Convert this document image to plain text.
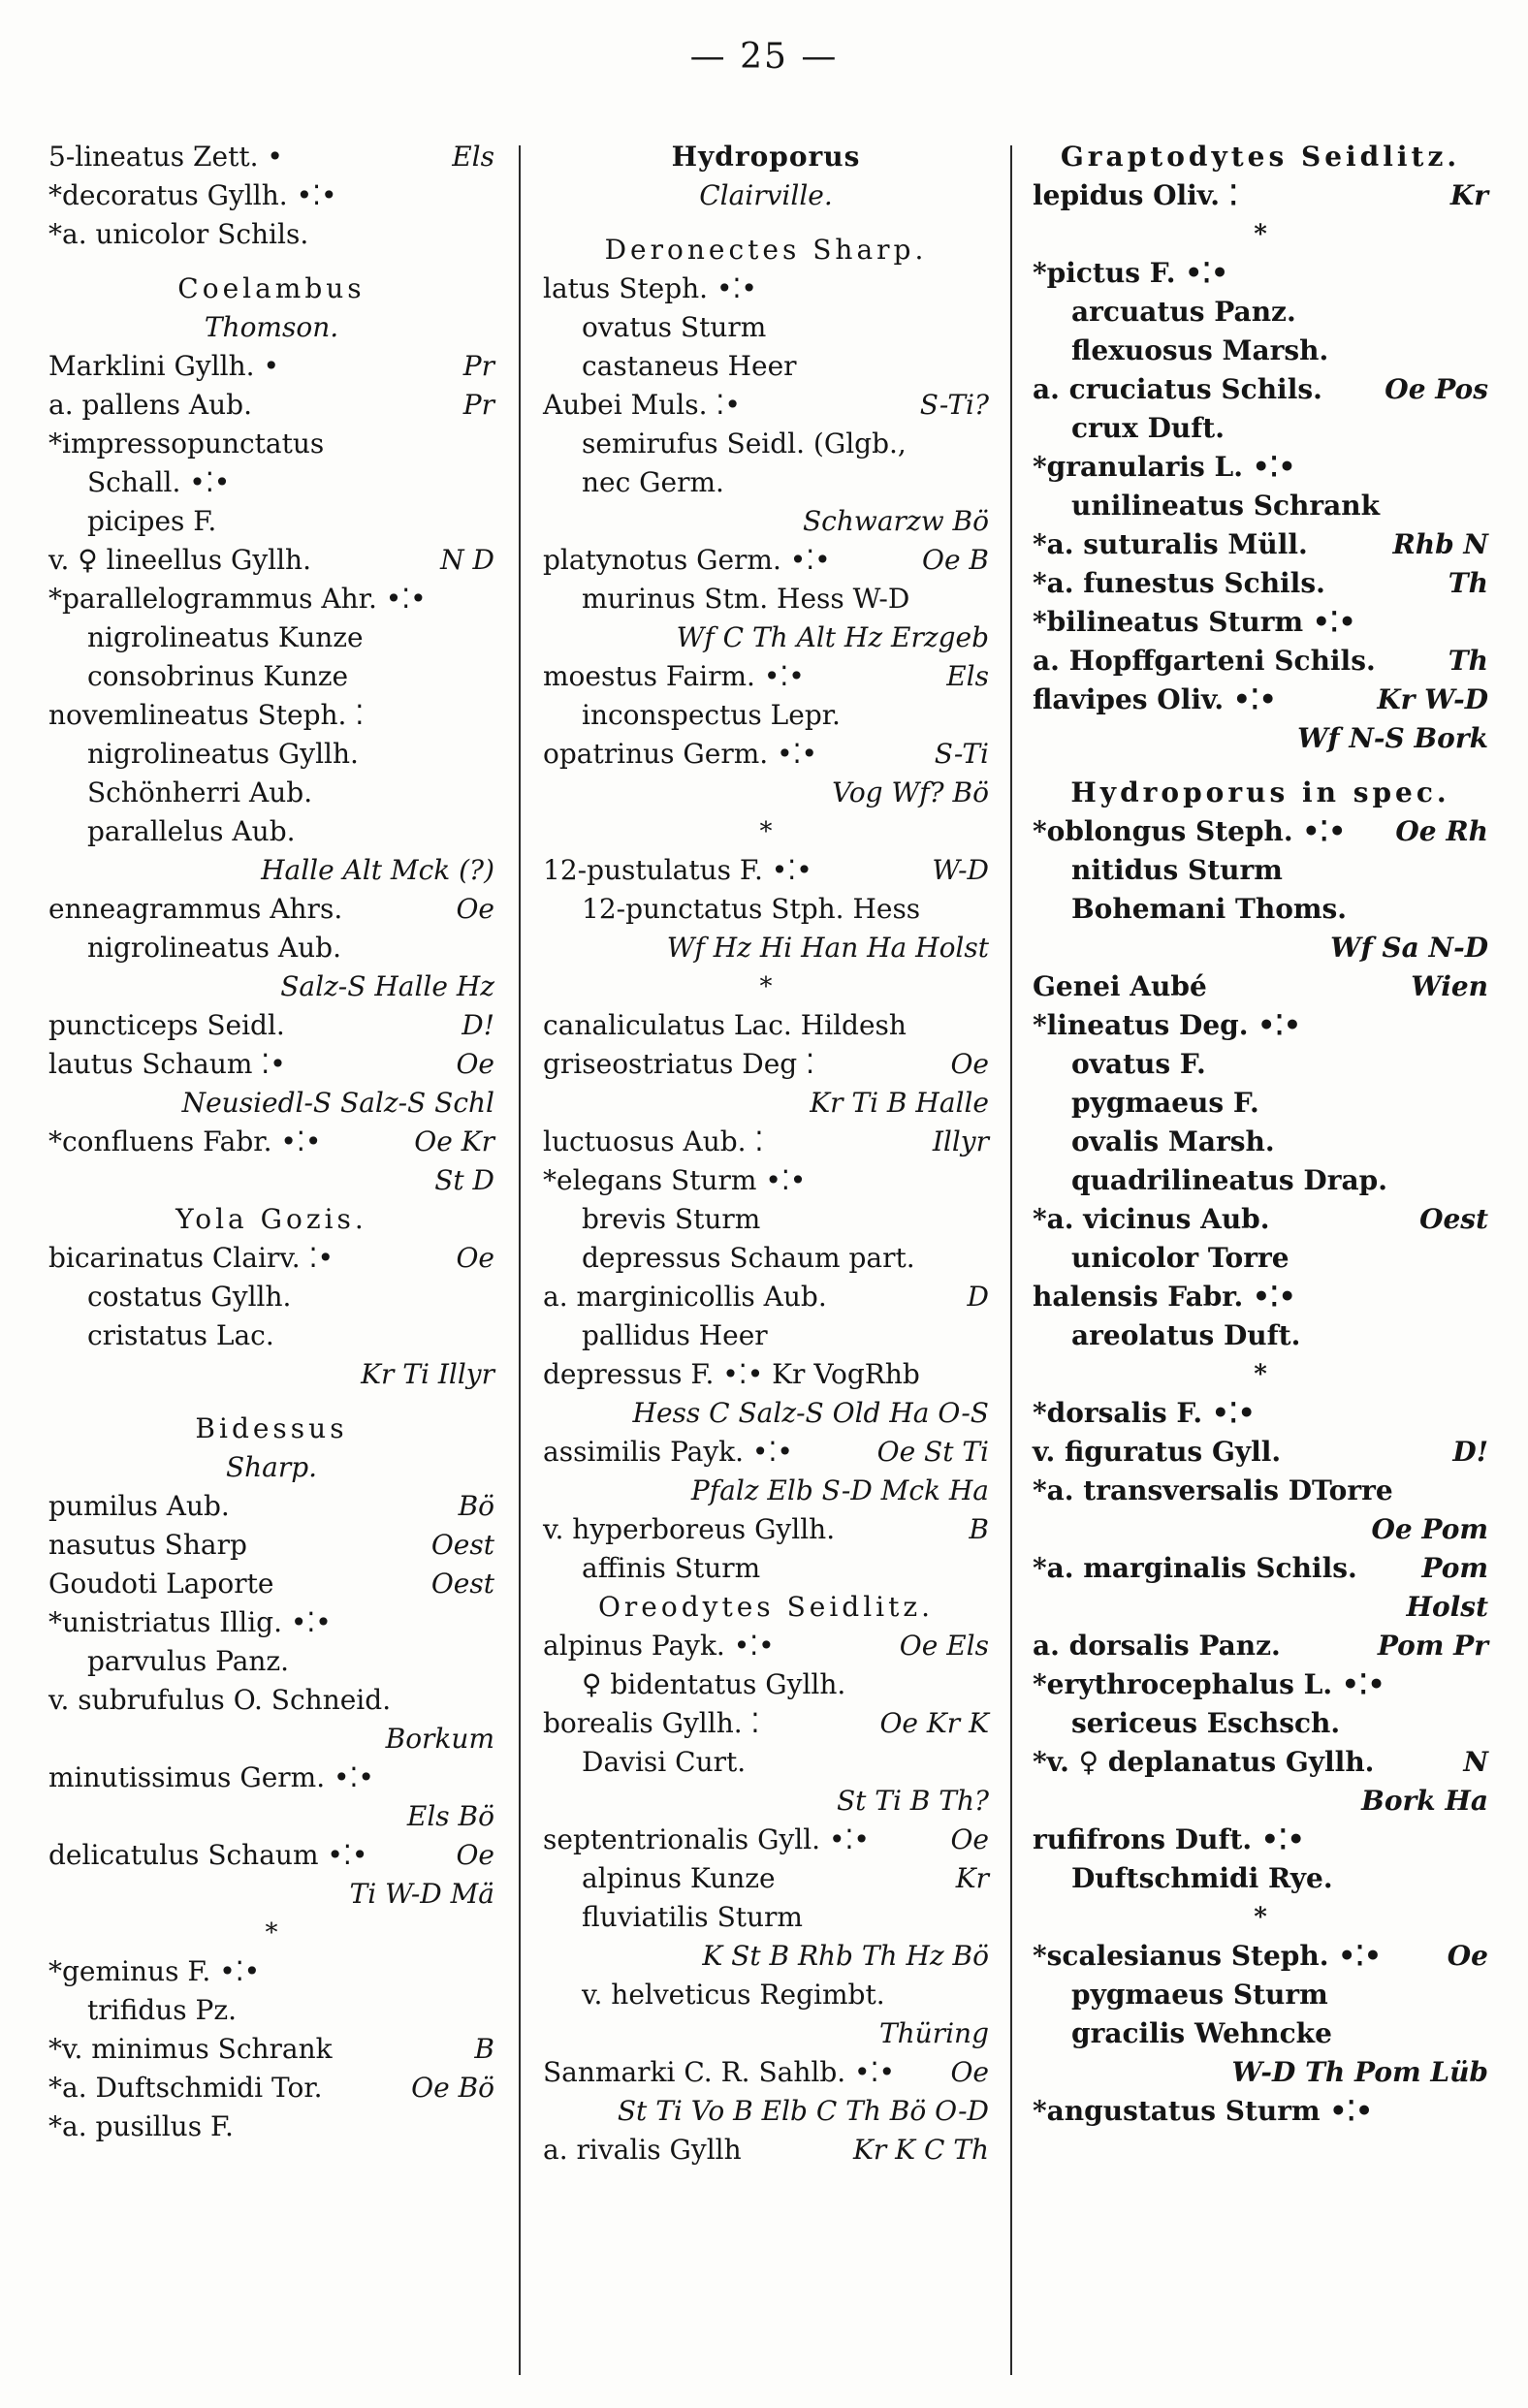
— 25 —
5-lineatus Zett. •	Els
*decoratus Gyllh. •⁚•
*a. unicolor Schils.
Coelambus
Thomson.
Marklini Gyllh. •	Pr
a. pallens Aub.	Pr
*impressopunctatus
Schall. •⁚•
picipes F.
v. ♀ lineellus Gyllh.	N D
*parallelogrammus Ahr. •⁚•
nigrolineatus Kunze
consobrinus Kunze
novemlineatus Steph. ⁚
nigrolineatus Gyllh.
Schönherri Aub.
parallelus Aub.
Halle Alt Mck (?)
enneagrammus Ahrs.	Oe
nigrolineatus Aub.
Salz-S Halle Hz
puncticeps Seidl.	D!
lautus Schaum ⁚•	Oe
Neusiedl-S Salz-S Schl
*confluens Fabr. •⁚•	Oe Kr
St D
Yola Gozis.
bicarinatus Clairv. ⁚•	Oe
costatus Gyllh.
cristatus Lac.
Kr Ti Illyr
Bidessus
Sharp.
pumilus Aub.	Bö
nasutus Sharp	Oest
Goudoti Laporte	Oest
*unistriatus Illig. •⁚•
parvulus Panz.
v. subrufulus O. Schneid.
Borkum
minutissimus Germ. •⁚•
Els Bö
delicatulus Schaum •⁚•	Oe
Ti W-D Mä
*
*geminus F. •⁚•
trifidus Pz.
*v. minimus Schrank	B
*a. Duftschmidi Tor.	Oe Bö
*a. pusillus F.
Hydroporus
Clairville.
Deronectes Sharp.
latus Steph. •⁚•
ovatus Sturm
castaneus Heer
Aubei Muls. ⁚•	S-Ti?
semirufus Seidl. (Glgb.,
nec Germ.
Schwarzw Bö
platynotus Germ. •⁚•	Oe B
murinus Stm. Hess W-D
Wf C Th Alt Hz Erzgeb
moestus Fairm. •⁚•	Els
inconspectus Lepr.
opatrinus Germ. •⁚•	S-Ti
Vog Wf? Bö
*
12-pustulatus F. •⁚•	W-D
12-punctatus Stph. Hess
Wf Hz Hi Han Ha Holst
*
canaliculatus Lac. Hildesh
griseostriatus Deg ⁚	Oe
Kr Ti B Halle
luctuosus Aub. ⁚	Illyr
*elegans Sturm •⁚•
brevis Sturm
depressus Schaum part.
a. marginicollis Aub.	D
pallidus Heer
depressus F. •⁚• Kr VogRhb
Hess C Salz-S Old Ha O-S
assimilis Payk. •⁚•	Oe St Ti
Pfalz Elb S-D Mck Ha
v. hyperboreus Gyllh.	B
affinis Sturm
Oreodytes Seidlitz.
alpinus Payk. •⁚•	Oe Els
♀ bidentatus Gyllh.
borealis Gyllh. ⁚	Oe Kr K
Davisi Curt.
St Ti B Th?
septentrionalis Gyll. •⁚•	Oe
alpinus Kunze	Kr
fluviatilis Sturm
K St B Rhb Th Hz Bö
v. helveticus Regimbt.
Thüring
Sanmarki C. R. Sahlb. •⁚• Oe
St Ti Vo B Elb C Th Bö O-D
a. rivalis Gyllh	Kr K C Th
Graptodytes Seidlitz.
lepidus Oliv. ⁚	Kr
*
*pictus F. •⁚•
arcuatus Panz.
flexuosus Marsh.
a. cruciatus Schils. Oe Pos
crux Duft.
*granularis L. •⁚•
unilineatus Schrank
*a. suturalis Müll.	Rhb N
*a. funestus Schils.	Th
*bilineatus Sturm •⁚•
a. Hopffgarteni Schils.	Th
flavipes Oliv. •⁚•	Kr W-D
Wf N-S Bork
Hydroporus in spec.
*oblongus Steph. •⁚• Oe Rh
nitidus Sturm
Bohemani Thoms.
Wf Sa N-D
Genei Aubé	Wien
*lineatus Deg. •⁚•
ovatus F.
pygmaeus F.
ovalis Marsh.
quadrilineatus Drap.
*a. vicinus Aub.	Oest
unicolor Torre
halensis Fabr. •⁚•
areolatus Duft.
*
*dorsalis F. •⁚•
v. figuratus Gyll.	D!
*a. transversalis DTorre
Oe Pom
*a. marginalis Schils. Pom
Holst
a. dorsalis Panz.	Pom Pr
*erythrocephalus L. •⁚•
sericeus Eschsch.
*v. ♀ deplanatus Gyllh.	N
Bork Ha
rufifrons Duft. •⁚•
Duftschmidi Rye.
*
*scalesianus Steph. •⁚• Oe
pygmaeus Sturm
gracilis Wehncke
W-D Th Pom Lüb
*angustatus Sturm •⁚•
